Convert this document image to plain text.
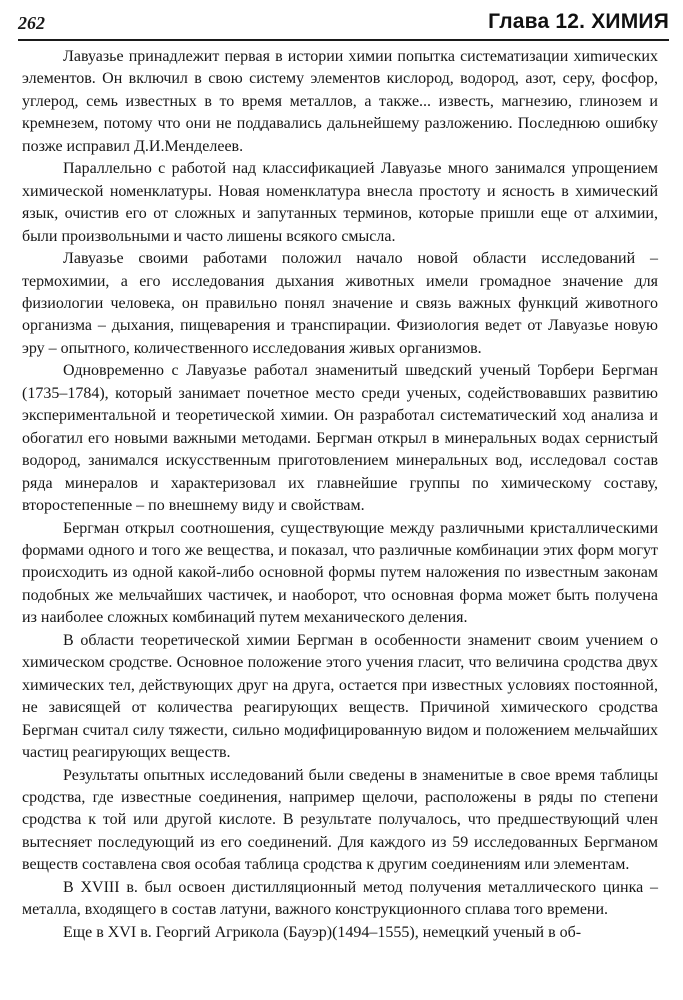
262	Глава 12. ХИМИЯ

Лавуазье принадлежит первая в истории химии попытка систематизации хиmических элементов. Он включил в свою систему элементов кислород, водород, азот, серу, фосфор, углерод, семь известных в то время металлов, а также... известь, магнезию, глинозем и кремнезем, потому что они не поддавались дальнейшему разложению. Последнюю ошибку позже исправил Д.И.Менделеев.

Параллельно с работой над классификацией Лавуазье много занимался упрощением химической номенклатуры. Новая номенклатура внесла простоту и ясность в химический язык, очистив его от сложных и запутанных терминов, которые пришли еще от алхимии, были произвольными и часто лишены всякого смысла.

Лавуазье своими работами положил начало новой области исследований – термохимии, а его исследования дыхания животных имели громадное значение для физиологии человека, он правильно понял значение и связь важных функций животного организма – дыхания, пищеварения и транспирации. Физиология ведет от Лавуазье новую эру – опытного, количественного исследования живых организмов.

Одновременно с Лавуазье работал знаменитый шведский ученый Торбери Бергман (1735–1784), который занимает почетное место среди ученых, содействовавших развитию экспериментальной и теоретической химии. Он разработал систематический ход анализа и обогатил его новыми важными методами. Бергман открыл в минеральных водах сернистый водород, занимался искусственным приготовлением минеральных вод, исследовал состав ряда минералов и характеризовал их главнейшие группы по химическому составу, второстепенные – по внешнему виду и свойствам.

Бергман открыл соотношения, существующие между различными кристаллическими формами одного и того же вещества, и показал, что различные комбинации этих форм могут происходить из одной какой-либо основной формы путем наложения по известным законам подобных же мельчайших частичек, и наоборот, что основная форма может быть получена из наиболее сложных комбинаций путем механического деления.

В области теоретической химии Бергман в особенности знаменит своим учением о химическом сродстве. Основное положение этого учения гласит, что величина сродства двух химических тел, действующих друг на друга, остается при известных условиях постоянной, не зависящей от количества реагирующих веществ. Причиной химического сродства Бергман считал силу тяжести, сильно модифицированную видом и положением мельчайших частиц реагирующих веществ.

Результаты опытных исследований были сведены в знаменитые в свое время таблицы сродства, где известные соединения, например щелочи, расположены в ряды по степени сродства к той или другой кислоте. В результате получалось, что предшествующий член вытесняет последующий из его соединений. Для каждого из 59 исследованных Бергманом веществ составлена своя особая таблица сродства к другим соединениям или элементам.

В XVIII в. был освоен дистилляционный метод получения металлического цинка – металла, входящего в состав латуни, важного конструкционного сплава того времени.

Еще в XVI в. Георгий Агрикола (Бауэр)(1494–1555), немецкий ученый в об-
